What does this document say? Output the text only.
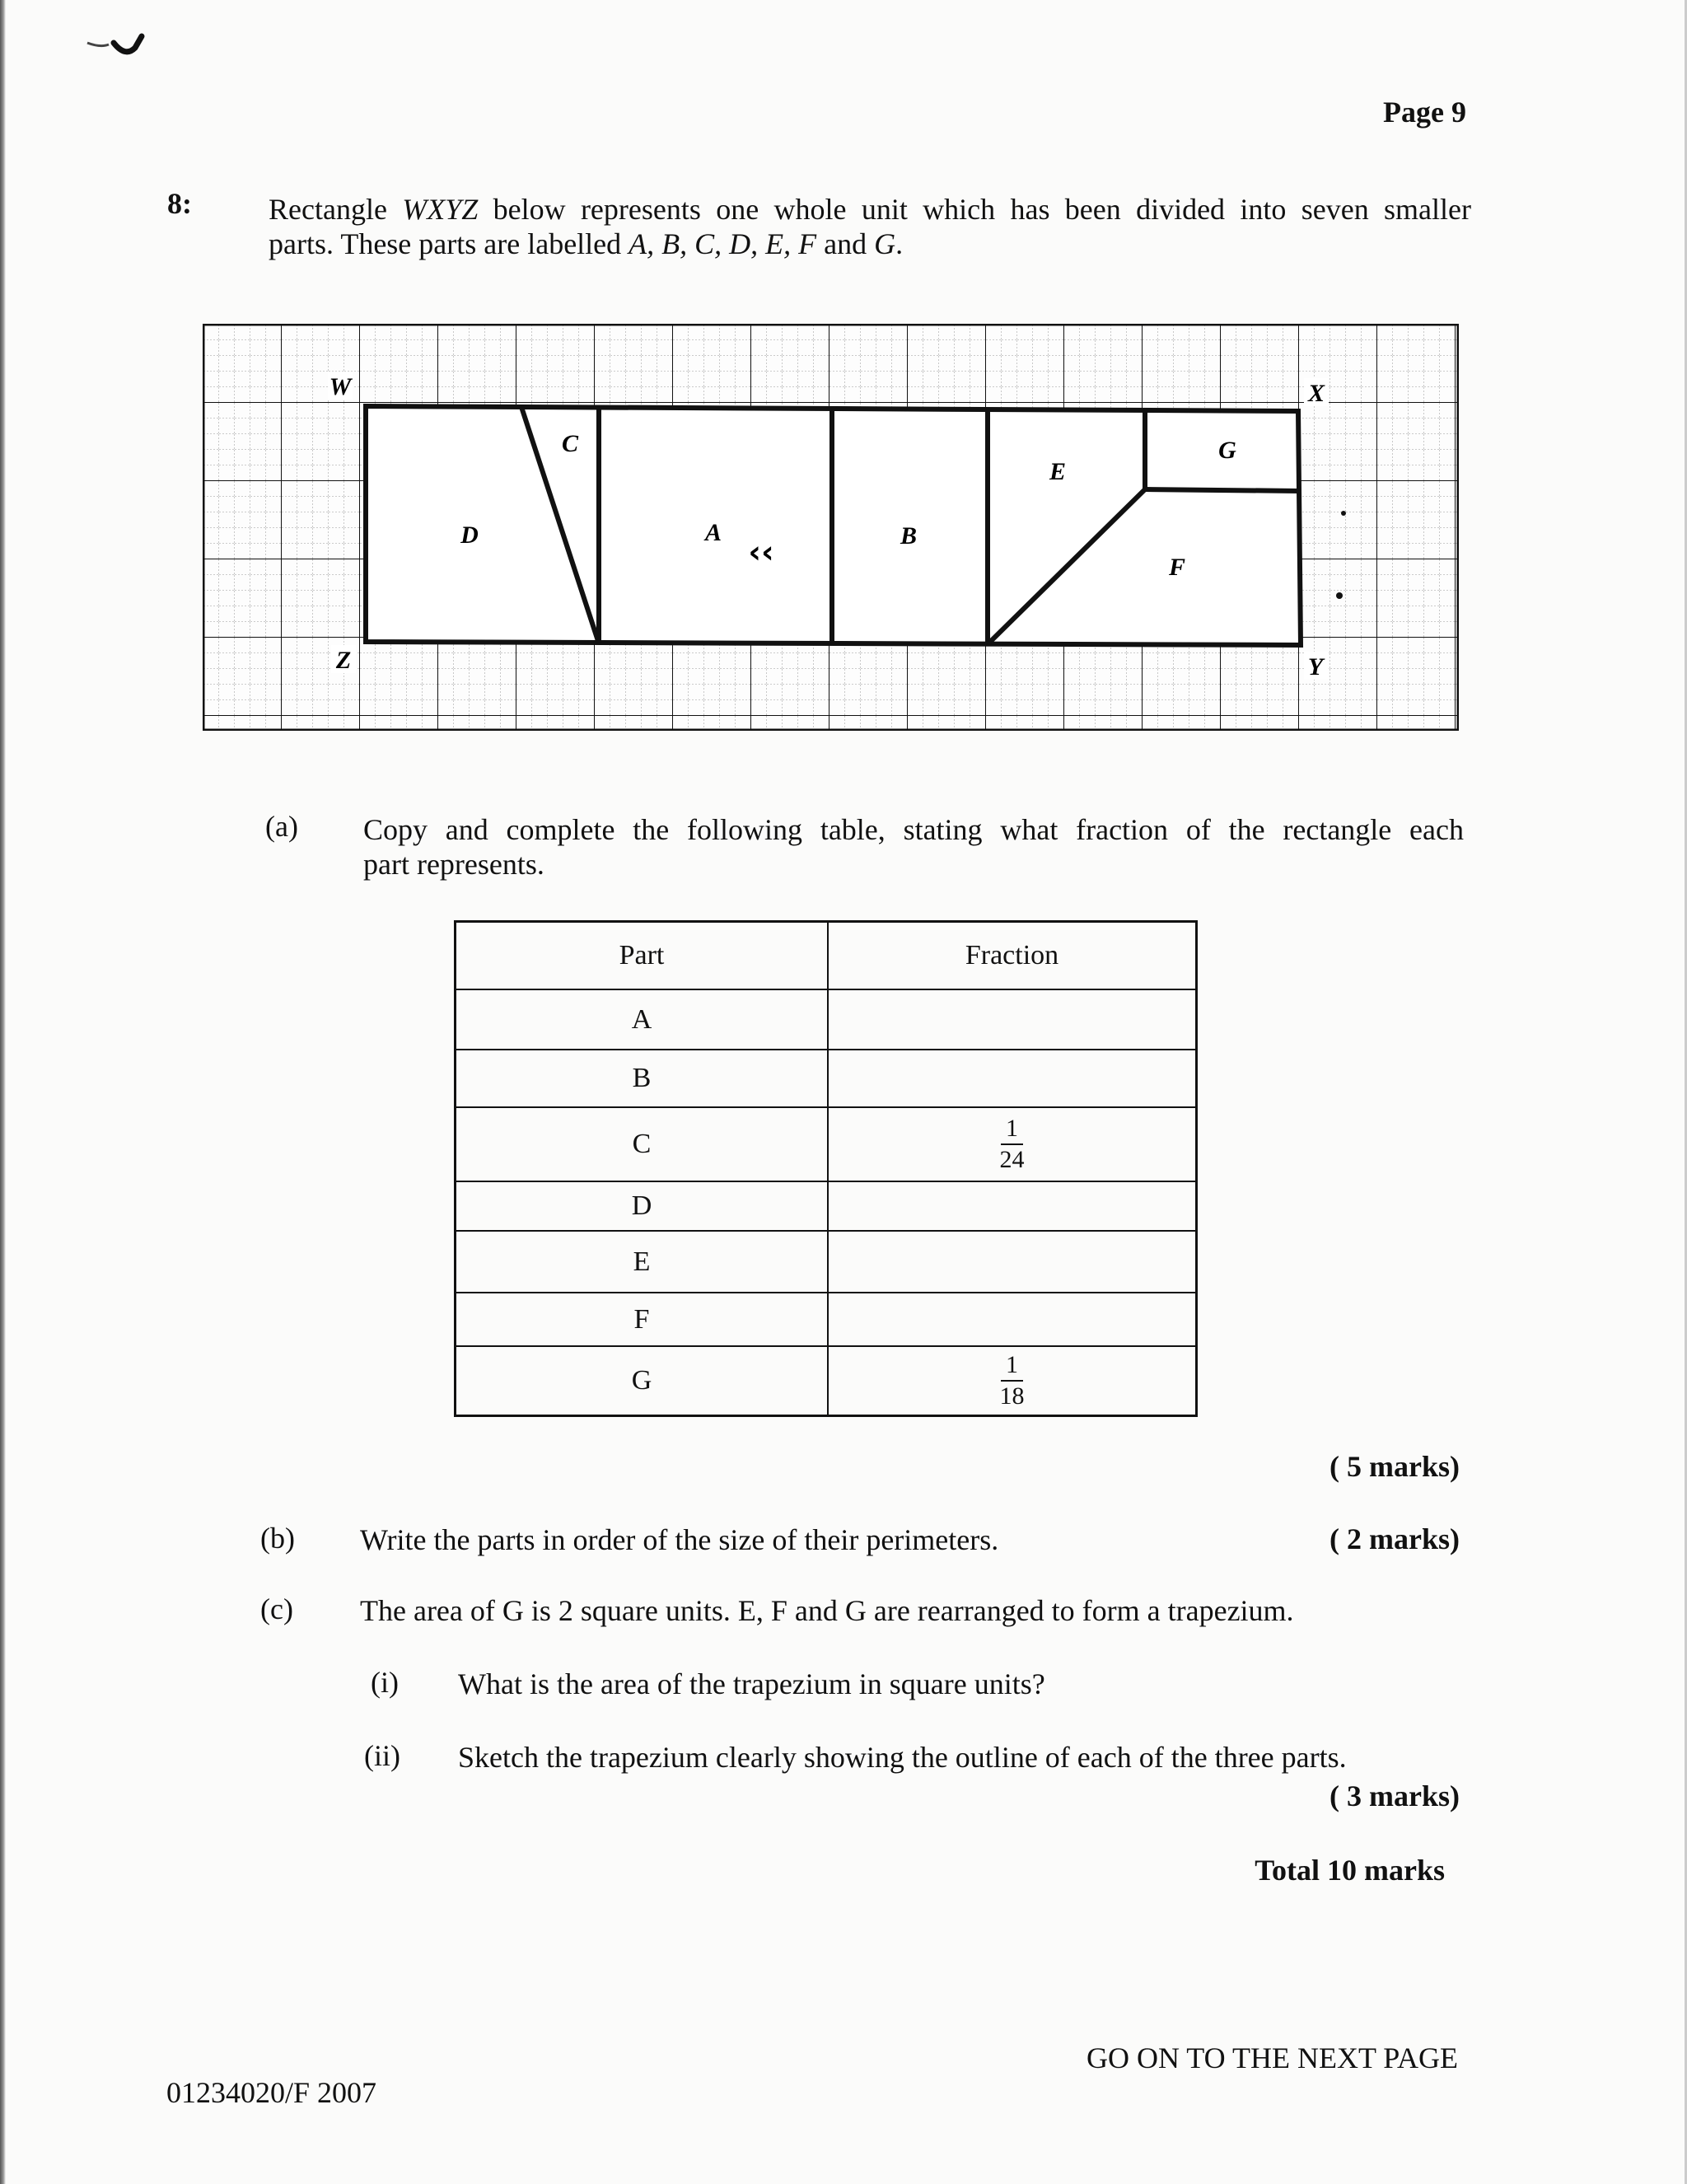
Page 9
8:	Rectangle WXYZ below represents one whole unit which has been divided into seven smaller
parts. These parts are labelled A, B, C, D, E, F and G.
W	X
Y
Z
C
D	A
‹‹	B
E
G
F
(a) Copy and complete the following table, stating what fraction of the rectangle each
part represents.
Part	Fraction
A
B
C	$\frac{1}{24}$
D
E
F
G	$\frac{1}{18}$
( 5 marks)
(b) Write the parts in order of the size of their perimeters.	( 2 marks)
(c) The area of G is 2 square units. E, F and G are rearranged to form a trapezium.
(i) What is the area of the trapezium in square units?
(ii) Sketch the trapezium clearly showing the outline of each of the three parts.
( 3 marks)
Total 10 marks
GO ON TO THE NEXT PAGE
01234020/F 2007
